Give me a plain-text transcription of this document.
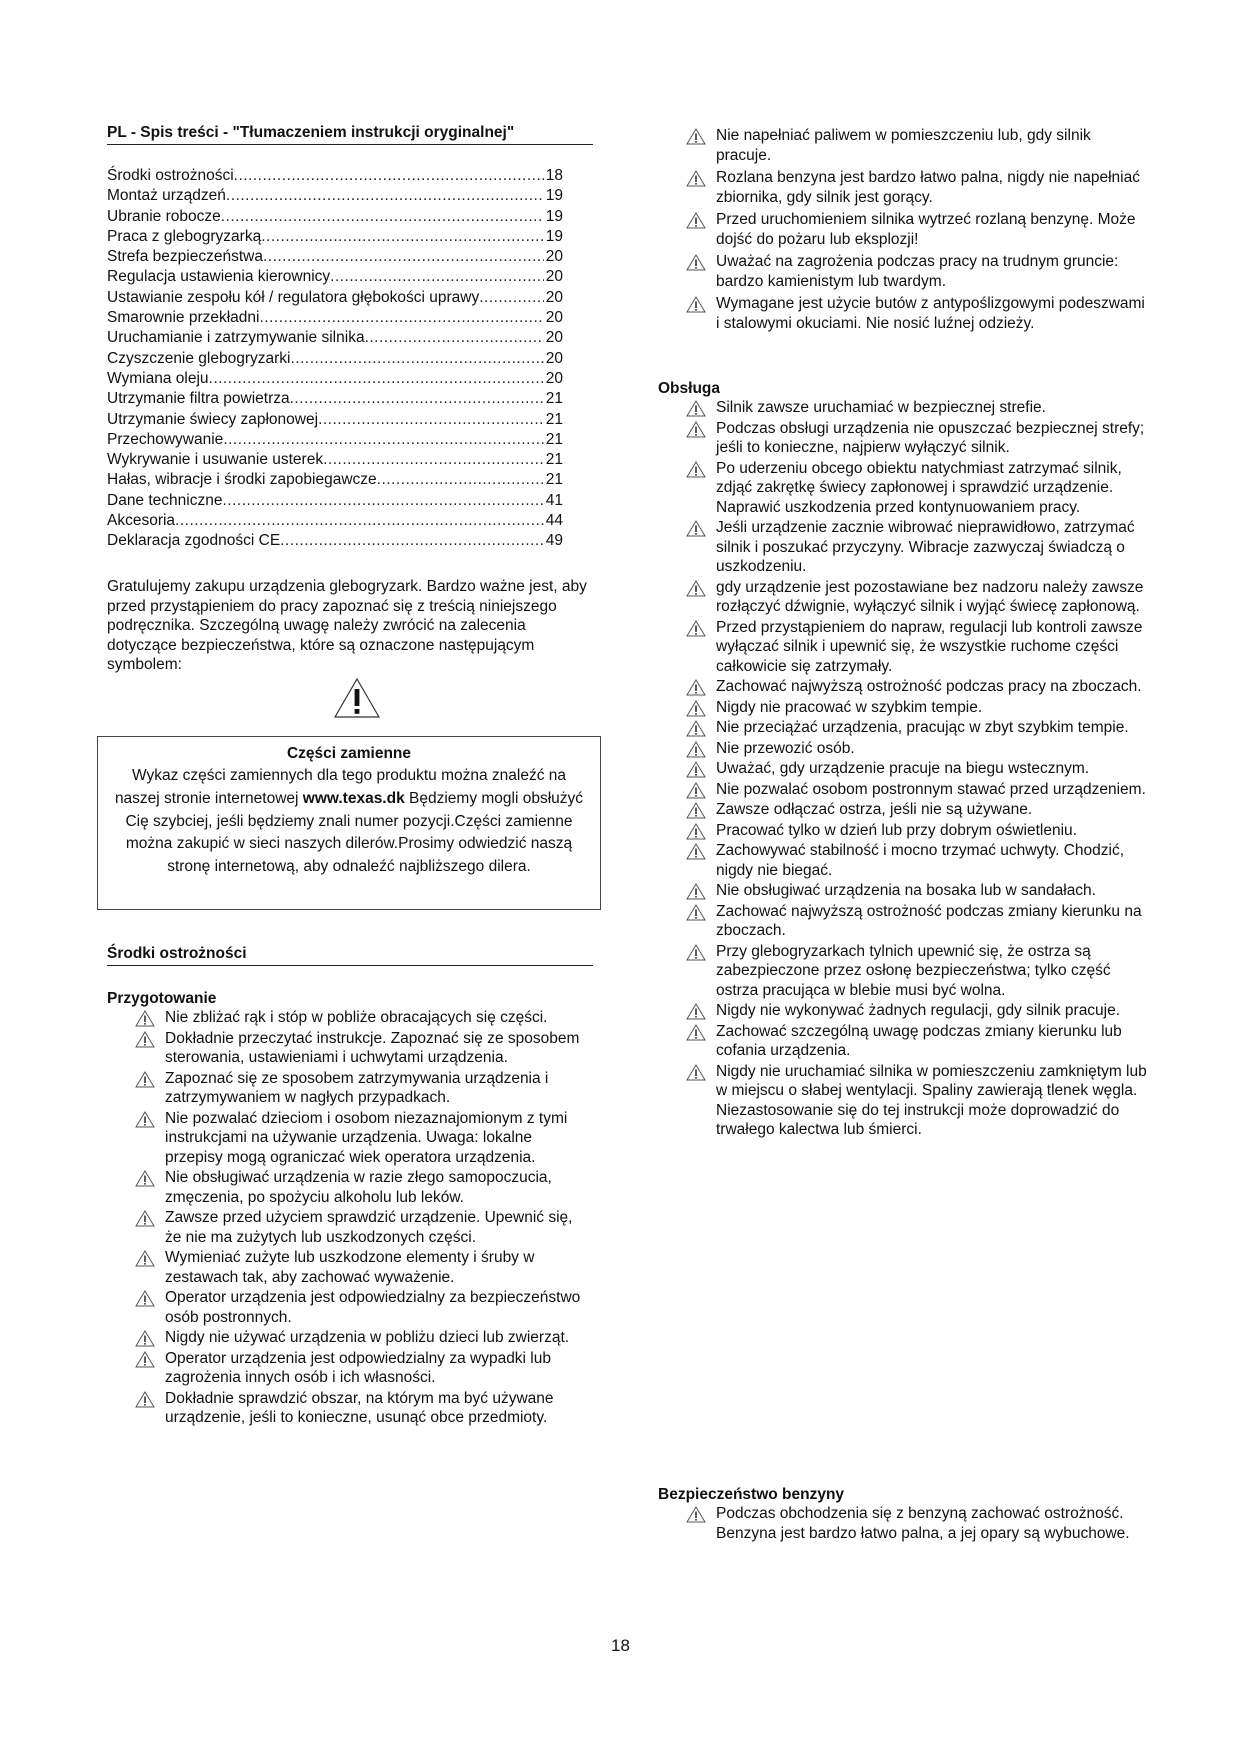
PL - Spis treści - "Tłumaczeniem instrukcji oryginalnej"
Środki ostrożności .....	18
Montaż urządzeń .....	19
Ubranie robocze .....	19
Praca z glebogryzarką .....	19
Strefa bezpieczeństwa .....	20
Regulacja ustawienia kierownicy .....	20
Ustawianie zespołu kół / regulatora głębokości uprawy .....	20
Smarownie przekładni .....	20
Uruchamianie i zatrzymywanie silnika .....	20
Czyszczenie glebogryzarki .....	20
Wymiana oleju .....	20
Utrzymanie filtra powietrza .....	21
Utrzymanie świecy zapłonowej .....	21
Przechowywanie .....	21
Wykrywanie i usuwanie usterek .....	21
Hałas, wibracje i środki zapobiegawcze .....	21
Dane techniczne .....	41
Akcesoria .....	44
Deklaracja zgodności CE .....	49
Gratulujemy zakupu urządzenia glebogryzark. Bardzo ważne jest, aby przed przystąpieniem do pracy zapoznać się z treścią niniejszego podręcznika. Szczególną uwagę należy zwrócić na zalecenia dotyczące bezpieczeństwa, które są oznaczone następującym symbolem:
Części zamienne
Wykaz części zamiennych dla tego produktu można znaleźć na naszej stronie internetowej www.texas.dk Będziemy mogli obsłużyć Cię szybciej, jeśli będziemy znali numer pozycji.Części zamienne można zakupić w sieci naszych dilerów.Prosimy odwiedzić naszą stronę internetową, aby odnaleźć najbliższego dilera.
Środki ostrożności
Przygotowanie
Nie zbliżać rąk i stóp w pobliże obracających się części.
Dokładnie przeczytać instrukcje. Zapoznać się ze sposobem sterowania, ustawieniami i uchwytami urządzenia.
Zapoznać się ze sposobem zatrzymywania urządzenia i zatrzymywaniem w nagłych przypadkach.
Nie pozwalać dzieciom i osobom niezaznajomionym z tymi instrukcjami na używanie urządzenia. Uwaga: lokalne przepisy mogą ograniczać wiek operatora urządzenia.
Nie obsługiwać urządzenia w razie złego samopoczucia, zmęczenia, po spożyciu alkoholu lub leków.
Zawsze przed użyciem sprawdzić urządzenie. Upewnić się, że nie ma zużytych lub uszkodzonych części.
Wymieniać zużyte lub uszkodzone elementy i śruby w zestawach tak, aby zachować wyważenie.
Operator urządzenia jest odpowiedzialny za bezpieczeństwo osób postronnych.
Nigdy nie używać urządzenia w pobliżu dzieci lub zwierząt.
Operator urządzenia jest odpowiedzialny za wypadki lub zagrożenia innych osób i ich własności.
Dokładnie sprawdzić obszar, na którym ma być używane urządzenie, jeśli to konieczne, usunąć obce przedmioty.
Nie napełniać paliwem w pomieszczeniu lub, gdy silnik pracuje.
Rozlana benzyna jest bardzo łatwo palna, nigdy nie napełniać zbiornika, gdy silnik jest gorący.
Przed uruchomieniem silnika wytrzeć rozlaną benzynę. Może dojść do pożaru lub eksplozji!
Uważać na zagrożenia podczas pracy na trudnym gruncie: bardzo kamienistym lub twardym.
Wymagane jest użycie butów z antypoślizgowymi podeszwami i stalowymi okuciami. Nie nosić luźnej odzieży.
Obsługa
Silnik zawsze uruchamiać w bezpiecznej strefie.
Podczas obsługi urządzenia nie opuszczać bezpiecznej strefy; jeśli to konieczne, najpierw wyłączyć silnik.
Po uderzeniu obcego obiektu natychmiast zatrzymać silnik, zdjąć zakrętkę świecy zapłonowej i sprawdzić urządzenie. Naprawić uszkodzenia przed kontynuowaniem pracy.
Jeśli urządzenie zacznie wibrować nieprawidłowo, zatrzymać silnik i poszukać przyczyny. Wibracje zazwyczaj świadczą o uszkodzeniu.
gdy urządzenie jest pozostawiane bez nadzoru należy zawsze rozłączyć dźwignie, wyłączyć silnik i wyjąć świecę zapłonową.
Przed przystąpieniem do napraw, regulacji lub kontroli zawsze wyłączać silnik i upewnić się, że wszystkie ruchome części całkowicie się zatrzymały.
Zachować najwyższą ostrożność podczas pracy na zboczach.
Nigdy nie pracować w szybkim tempie.
Nie przeciążać urządzenia, pracując w zbyt szybkim tempie.
Nie przewozić osób.
Uważać, gdy urządzenie pracuje na biegu wstecznym.
Nie pozwalać osobom postronnym stawać przed urządzeniem.
Zawsze odłączać ostrza, jeśli nie są używane.
Pracować tylko w dzień lub przy dobrym oświetleniu.
Zachowywać stabilność i mocno trzymać uchwyty. Chodzić, nigdy nie biegać.
Nie obsługiwać urządzenia na bosaka lub w sandałach.
Zachować najwyższą ostrożność podczas zmiany kierunku na zboczach.
Przy glebogryzarkach tylnich upewnić się, że ostrza są zabezpieczone przez osłonę bezpieczeństwa; tylko część ostrza pracująca w blebie musi być wolna.
Nigdy nie wykonywać żadnych regulacji, gdy silnik pracuje.
Zachować szczególną uwagę podczas zmiany kierunku lub cofania urządzenia.
Nigdy nie uruchamiać silnika w pomieszczeniu zamkniętym lub w miejscu o słabej wentylacji. Spaliny zawierają tlenek węgla. Niezastosowanie się do tej instrukcji może doprowadzić do trwałego kalectwa lub śmierci.
Bezpieczeństwo benzyny
Podczas obchodzenia się z benzyną zachować ostrożność. Benzyna jest bardzo łatwo palna, a jej opary są wybuchowe.
18
